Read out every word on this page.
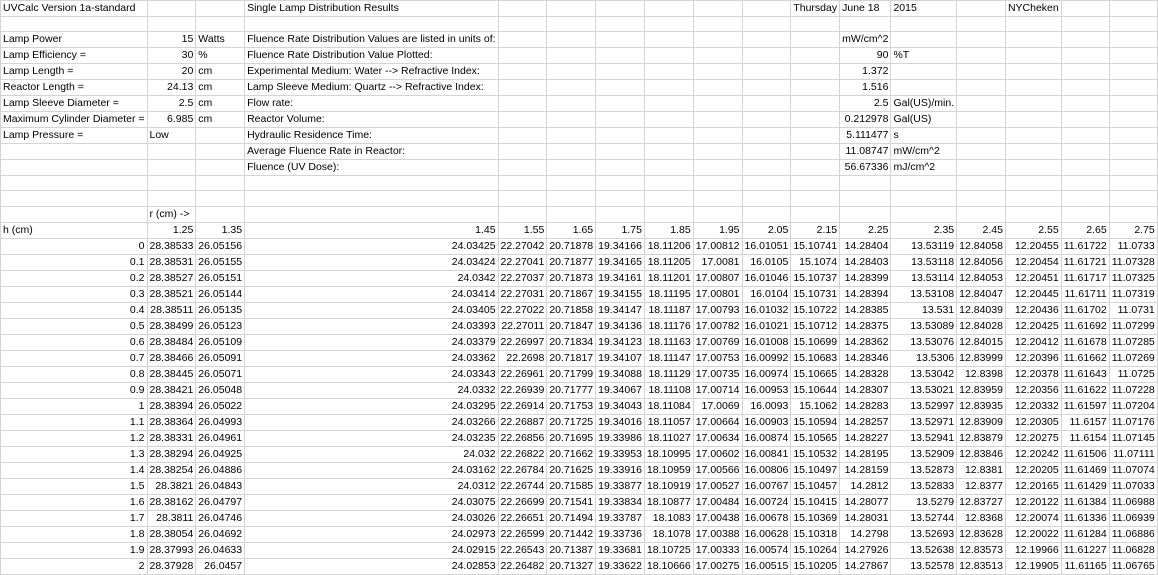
UVCalc Version 1a-standard			Single Lamp Distribution Results							Thursday	June 18	2015		NYCheken		

Lamp Power	15	Watts	Fluence Rate Distribution Values are listed in units of:								mW/cm^2					
Lamp Efficiency =	30	%	Fluence Rate Distribution Value Plotted:								90	%T				
Lamp Length =	20	cm	Experimental Medium: Water --> Refractive Index:								1.372					
Reactor Length =	24.13	cm	Lamp Sleeve Medium: Quartz --> Refractive Index:								1.516					
Lamp Sleeve Diameter =	2.5	cm	Flow rate:								2.5	Gal(US)/min.				
Maximum Cylinder Diameter =	6.985	cm	Reactor Volume:								0.212978	Gal(US)				
Lamp Pressure =	Low		Hydraulic Residence Time:								5.111477	s				
			Average Fluence Rate in Reactor:								11.08747	mW/cm^2				
			Fluence (UV Dose):								56.67336	mJ/cm^2				

	r (cm) ->															
h (cm)	1.25	1.35	1.45	1.55	1.65	1.75	1.85	1.95	2.05	2.15	2.25	2.35	2.45	2.55	2.65	2.75
0	28.38533	26.05156	24.03425	22.27042	20.71878	19.34166	18.11206	17.00812	16.01051	15.10741	14.28404	13.53119	12.84058	12.20455	11.61722	11.0733
0.1	28.38531	26.05155	24.03424	22.27041	20.71877	19.34165	18.11205	17.0081	16.0105	15.1074	14.28403	13.53118	12.84056	12.20454	11.61721	11.07328
0.2	28.38527	26.05151	24.0342	22.27037	20.71873	19.34161	18.11201	17.00807	16.01046	15.10737	14.28399	13.53114	12.84053	12.20451	11.61717	11.07325
0.3	28.38521	26.05144	24.03414	22.27031	20.71867	19.34155	18.11195	17.00801	16.0104	15.10731	14.28394	13.53108	12.84047	12.20445	11.61711	11.07319
0.4	28.38511	26.05135	24.03405	22.27022	20.71858	19.34147	18.11187	17.00793	16.01032	15.10722	14.28385	13.531	12.84039	12.20436	11.61702	11.0731
0.5	28.38499	26.05123	24.03393	22.27011	20.71847	19.34136	18.11176	17.00782	16.01021	15.10712	14.28375	13.53089	12.84028	12.20425	11.61692	11.07299
0.6	28.38484	26.05109	24.03379	22.26997	20.71834	19.34123	18.11163	17.00769	16.01008	15.10699	14.28362	13.53076	12.84015	12.20412	11.61678	11.07285
0.7	28.38466	26.05091	24.03362	22.2698	20.71817	19.34107	18.11147	17.00753	16.00992	15.10683	14.28346	13.5306	12.83999	12.20396	11.61662	11.07269
0.8	28.38445	26.05071	24.03343	22.26961	20.71799	19.34088	18.11129	17.00735	16.00974	15.10665	14.28328	13.53042	12.8398	12.20378	11.61643	11.0725
0.9	28.38421	26.05048	24.0332	22.26939	20.71777	19.34067	18.11108	17.00714	16.00953	15.10644	14.28307	13.53021	12.83959	12.20356	11.61622	11.07228
1	28.38394	26.05022	24.03295	22.26914	20.71753	19.34043	18.11084	17.0069	16.0093	15.1062	14.28283	13.52997	12.83935	12.20332	11.61597	11.07204
1.1	28.38364	26.04993	24.03266	22.26887	20.71725	19.34016	18.11057	17.00664	16.00903	15.10594	14.28257	13.52971	12.83909	12.20305	11.6157	11.07176
1.2	28.38331	26.04961	24.03235	22.26856	20.71695	19.33986	18.11027	17.00634	16.00874	15.10565	14.28227	13.52941	12.83879	12.20275	11.6154	11.07145
1.3	28.38294	26.04925	24.032	22.26822	20.71662	19.33953	18.10995	17.00602	16.00841	15.10532	14.28195	13.52909	12.83846	12.20242	11.61506	11.07111
1.4	28.38254	26.04886	24.03162	22.26784	20.71625	19.33916	18.10959	17.00566	16.00806	15.10497	14.28159	13.52873	12.8381	12.20205	11.61469	11.07074
1.5	28.3821	26.04843	24.0312	22.26744	20.71585	19.33877	18.10919	17.00527	16.00767	15.10457	14.2812	13.52833	12.8377	12.20165	11.61429	11.07033
1.6	28.38162	26.04797	24.03075	22.26699	20.71541	19.33834	18.10877	17.00484	16.00724	15.10415	14.28077	13.5279	12.83727	12.20122	11.61384	11.06988
1.7	28.3811	26.04746	24.03026	22.26651	20.71494	19.33787	18.1083	17.00438	16.00678	15.10369	14.28031	13.52744	12.8368	12.20074	11.61336	11.06939
1.8	28.38054	26.04692	24.02973	22.26599	20.71442	19.33736	18.1078	17.00388	16.00628	15.10318	14.2798	13.52693	12.83628	12.20022	11.61284	11.06886
1.9	28.37993	26.04633	24.02915	22.26543	20.71387	19.33681	18.10725	17.00333	16.00574	15.10264	14.27926	13.52638	12.83573	12.19966	11.61227	11.06828
2	28.37928	26.0457	24.02853	22.26482	20.71327	19.33622	18.10666	17.00275	16.00515	15.10205	14.27867	13.52578	12.83513	12.19905	11.61165	11.06765
